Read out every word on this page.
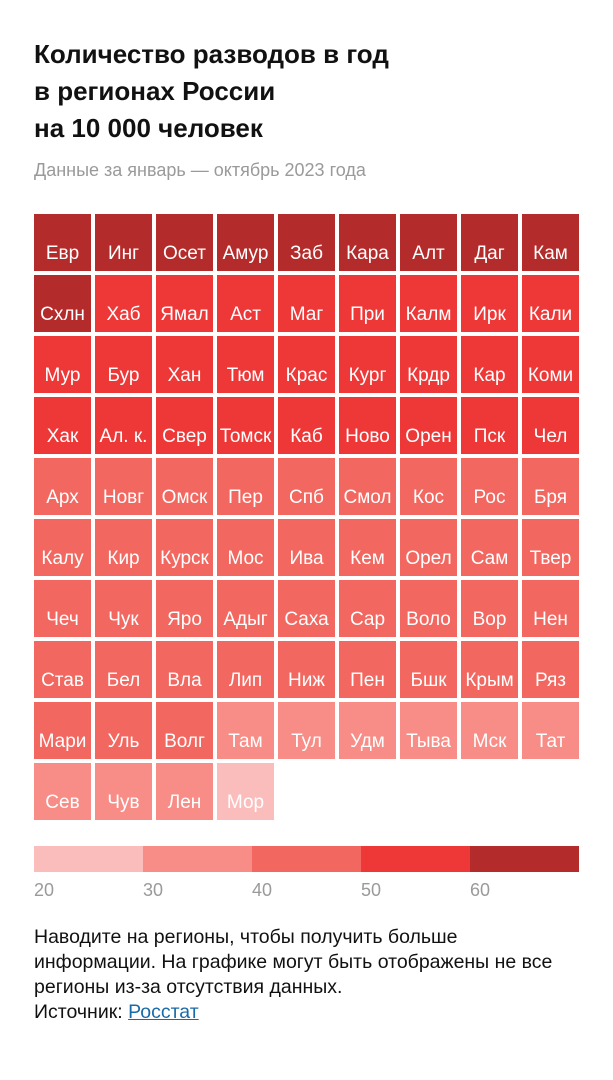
Количество разводов в год
в регионах России
на 10 000 человек
Данные за январь — октябрь 2023 года
Евр Инг Осет Амур Заб Кара Алт Даг Кам
Схлн Хаб Ямал Аст Маг При Калм Ирк Кали
Мур Бур Хан Тюм Крас Кург Крдр Кар Коми
Хак Ал. к. Свер Томск Каб Ново Орен Пск Чел
Арх Новг Омск Пер Спб Смол Кос Рос Бря
Калу Кир Курск Мос Ива Кем Орел Сам Твер
Чеч Чук Яро Адыг Саха Сар Воло Вор Нен
Став Бел Вла Лип Ниж Пен Бшк Крым Ряз
Мари Уль Волг Там Тул Удм Тыва Мск Тат
Сев Чув Лен Мор
20	30	40	50	60
Наводите на регионы, чтобы получить больше информации. На графике могут быть отображены не все регионы из-за отсутствия данных.
Источник: Росстат
